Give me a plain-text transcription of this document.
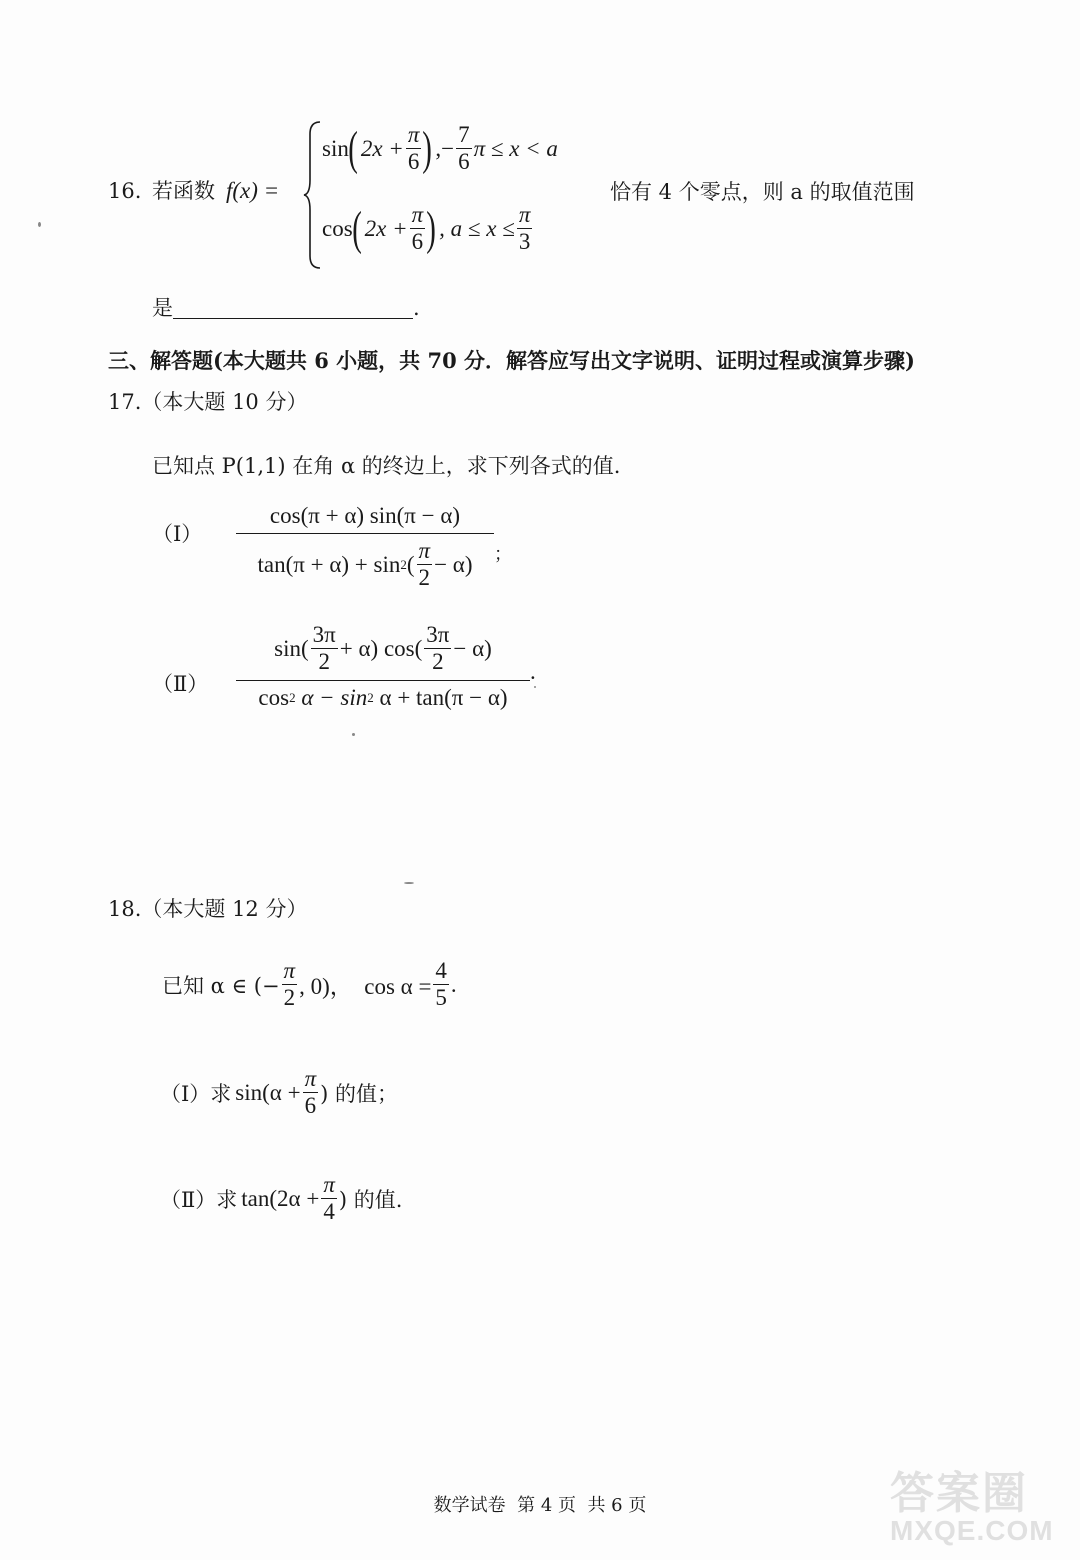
16. 若函数 f(x) =
sin ( $2x + \frac{\pi}{6}$ ) ,− $\frac{7}{6}$ π ≤ x < a
cos ( $2x + \frac{\pi}{6}$ ) , $a \le x \le \frac{\pi}{3}$
恰有 4 个零点，则 a 的取值范围
是	.
三、解答题(本大题共 6 小题，共 70 分．解答应写出文字说明、证明过程或演算步骤)
17.（本大题 10 分）
已知点 P(1,1) 在角 α 的终边上，求下列各式的值.
（Ⅰ） $\frac{\cos(\pi + \alpha) \sin(\pi - \alpha)}{\tan(\pi + \alpha) + \sin 2 ( \frac{\pi}{2} - \alpha)}$ ；
（Ⅱ） $\frac{\sin( \frac{3\pi}{2} + \alpha) \cos( \frac{3\pi}{2} - \alpha)}{\cos 2 \alpha - \sin 2 \alpha + \tan(\pi - \alpha)}$ .
18.（本大题 12 分）
已知 α ∈ (− $\frac{\pi}{2}$ , 0)，  $\cos \alpha = \frac{4}{5}$ .
（Ⅰ）求 $\sin(\alpha + \frac{\pi}{6}$ ) 的值；
（Ⅱ）求 $\tan(2\alpha + \frac{\pi}{4}$ ) 的值.
数学试卷  第 4 页  共 6 页	答案圈
MXQE.COM
